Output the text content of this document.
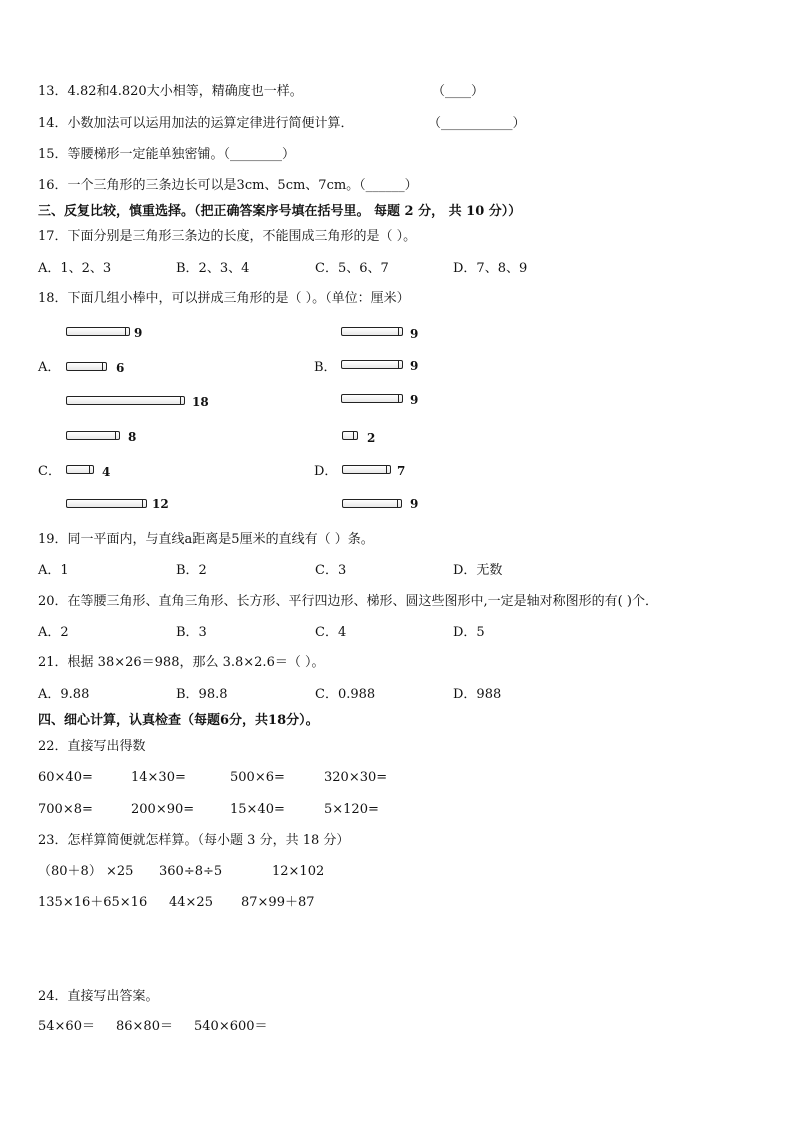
13．4.82和4.820大小相等，精确度也一样。	（____）
14．小数加法可以运用加法的运算定律进行简便计算．	（___________）
15．等腰梯形一定能单独密铺。（________）
16．一个三角形的三条边长可以是3cm、5cm、7cm。（______）
三、反复比较，慎重选择。（把正确答案序号填在括号里。 每题 2 分， 共 10 分））
17．下面分别是三角形三条边的长度，不能围成三角形的是（ ）。
A．1、2、3	B．2、3、4	C．5、6、7	D．7、8、9
18．下面几组小棒中，可以拼成三角形的是（ ）。（单位：厘米）
9
A．	6
18
9
B．	9
9
8
C．	4
12
2
D．	7
9
19．同一平面内，与直线a距离是5厘米的直线有（ ）条。
A．1	B．2	C．3	D．无数
20．在等腰三角形、直角三角形、长方形、平行四边形、梯形、圆这些图形中,一定是轴对称图形的有( )个．
A．2	B．3	C．4	D．5
21．根据 38×26＝988，那么 3.8×2.6＝（ ）。
A．9.88	B．98.8	C．0.988	D．988
四、细心计算，认真检查（每题6分，共18分）。
22．直接写出得数
60×40=	14×30=	500×6=	320×30=
700×8=	200×90=	15×40=	5×120=
23．怎样算简便就怎样算。（每小题 3 分，共 18 分）
（80＋8） ×25 360÷8÷5	12×102
135×16＋65×16 44×25 87×99＋87
24．直接写出答案。
54×60＝ 86×80＝ 540×600＝
